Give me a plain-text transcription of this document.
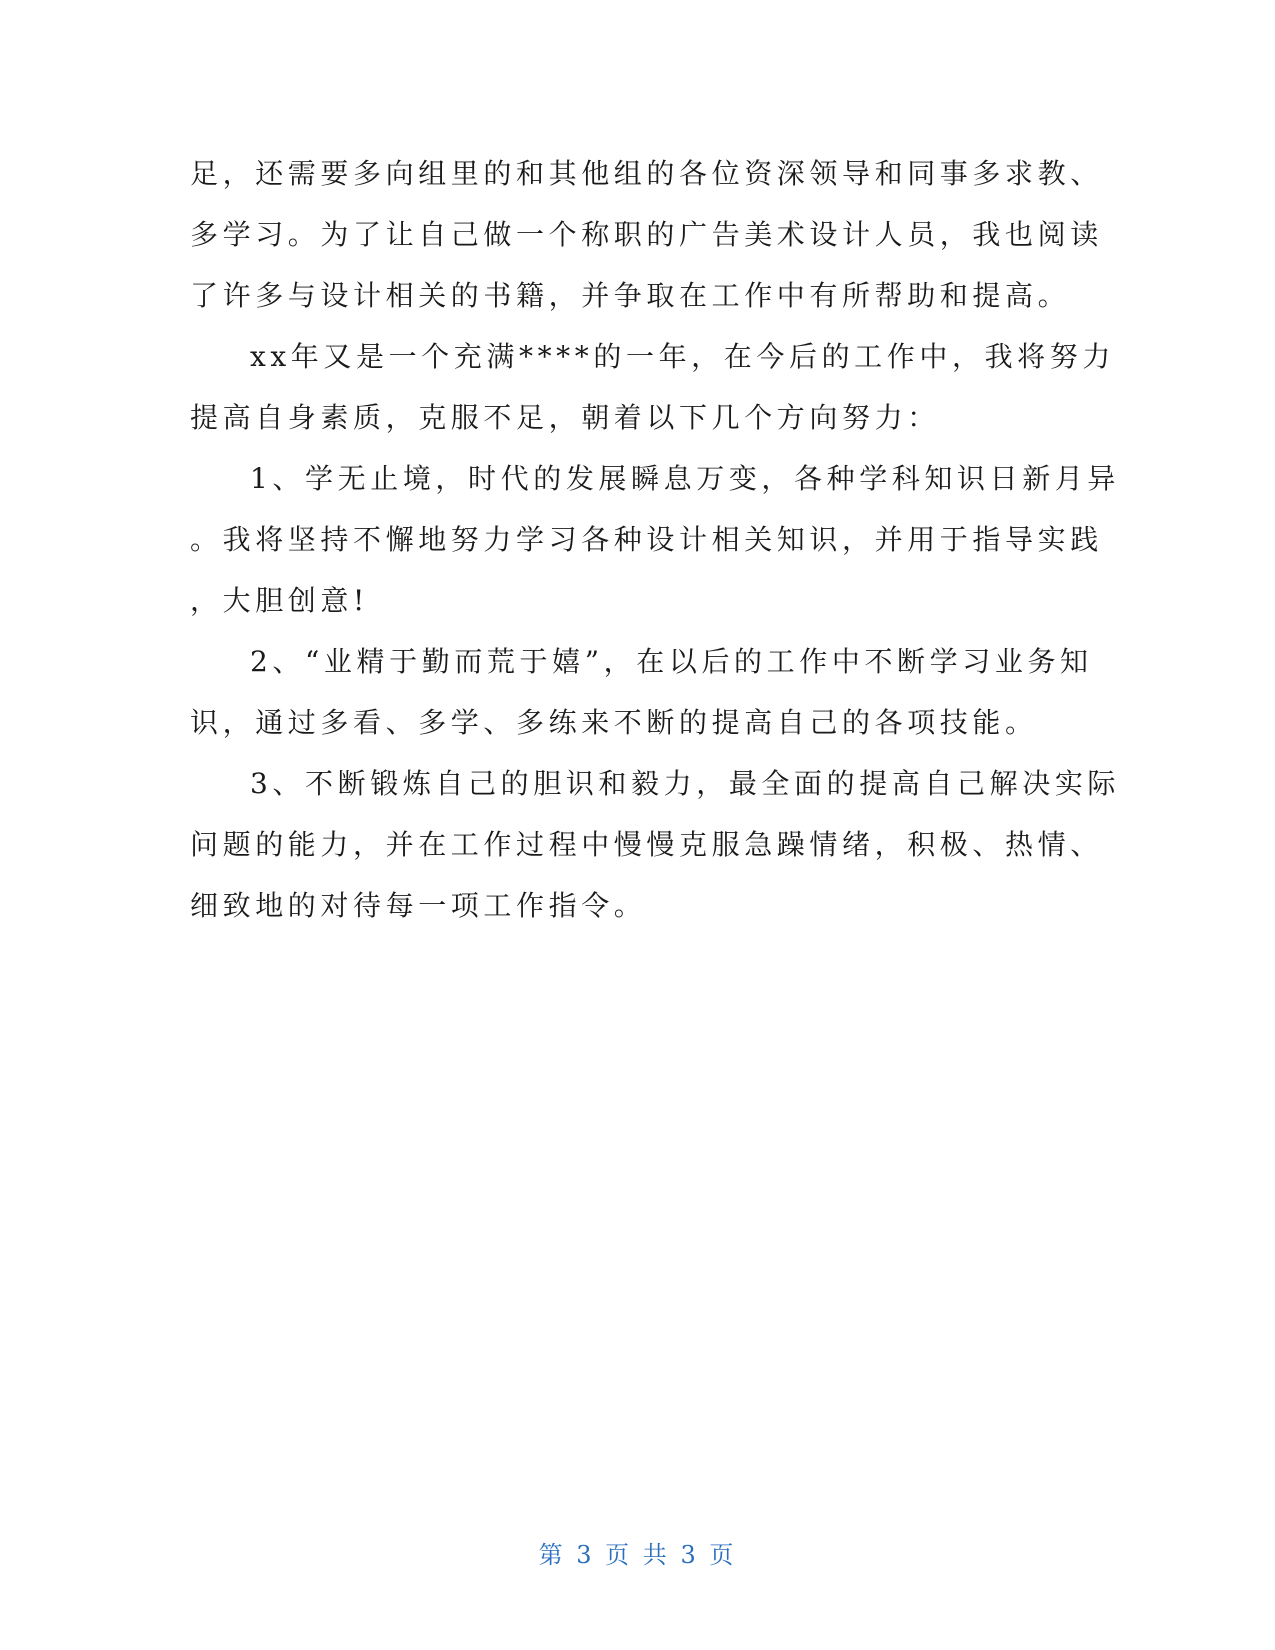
足，还需要多向组里的和其他组的各位资深领导和同事多求教、
多学习。为了让自己做一个称职的广告美术设计人员，我也阅读
了许多与设计相关的书籍，并争取在工作中有所帮助和提高。
xx年又是一个充满****的一年，在今后的工作中，我将努力
提高自身素质，克服不足，朝着以下几个方向努力：
1、学无止境，时代的发展瞬息万变，各种学科知识日新月异
。我将坚持不懈地努力学习各种设计相关知识，并用于指导实践
，大胆创意!
2、“业精于勤而荒于嬉”，在以后的工作中不断学习业务知
识，通过多看、多学、多练来不断的提高自己的各项技能。
3、不断锻炼自己的胆识和毅力，最全面的提高自己解决实际
问题的能力，并在工作过程中慢慢克服急躁情绪，积极、热情、
细致地的对待每一项工作指令。
第 3 页 共 3 页
